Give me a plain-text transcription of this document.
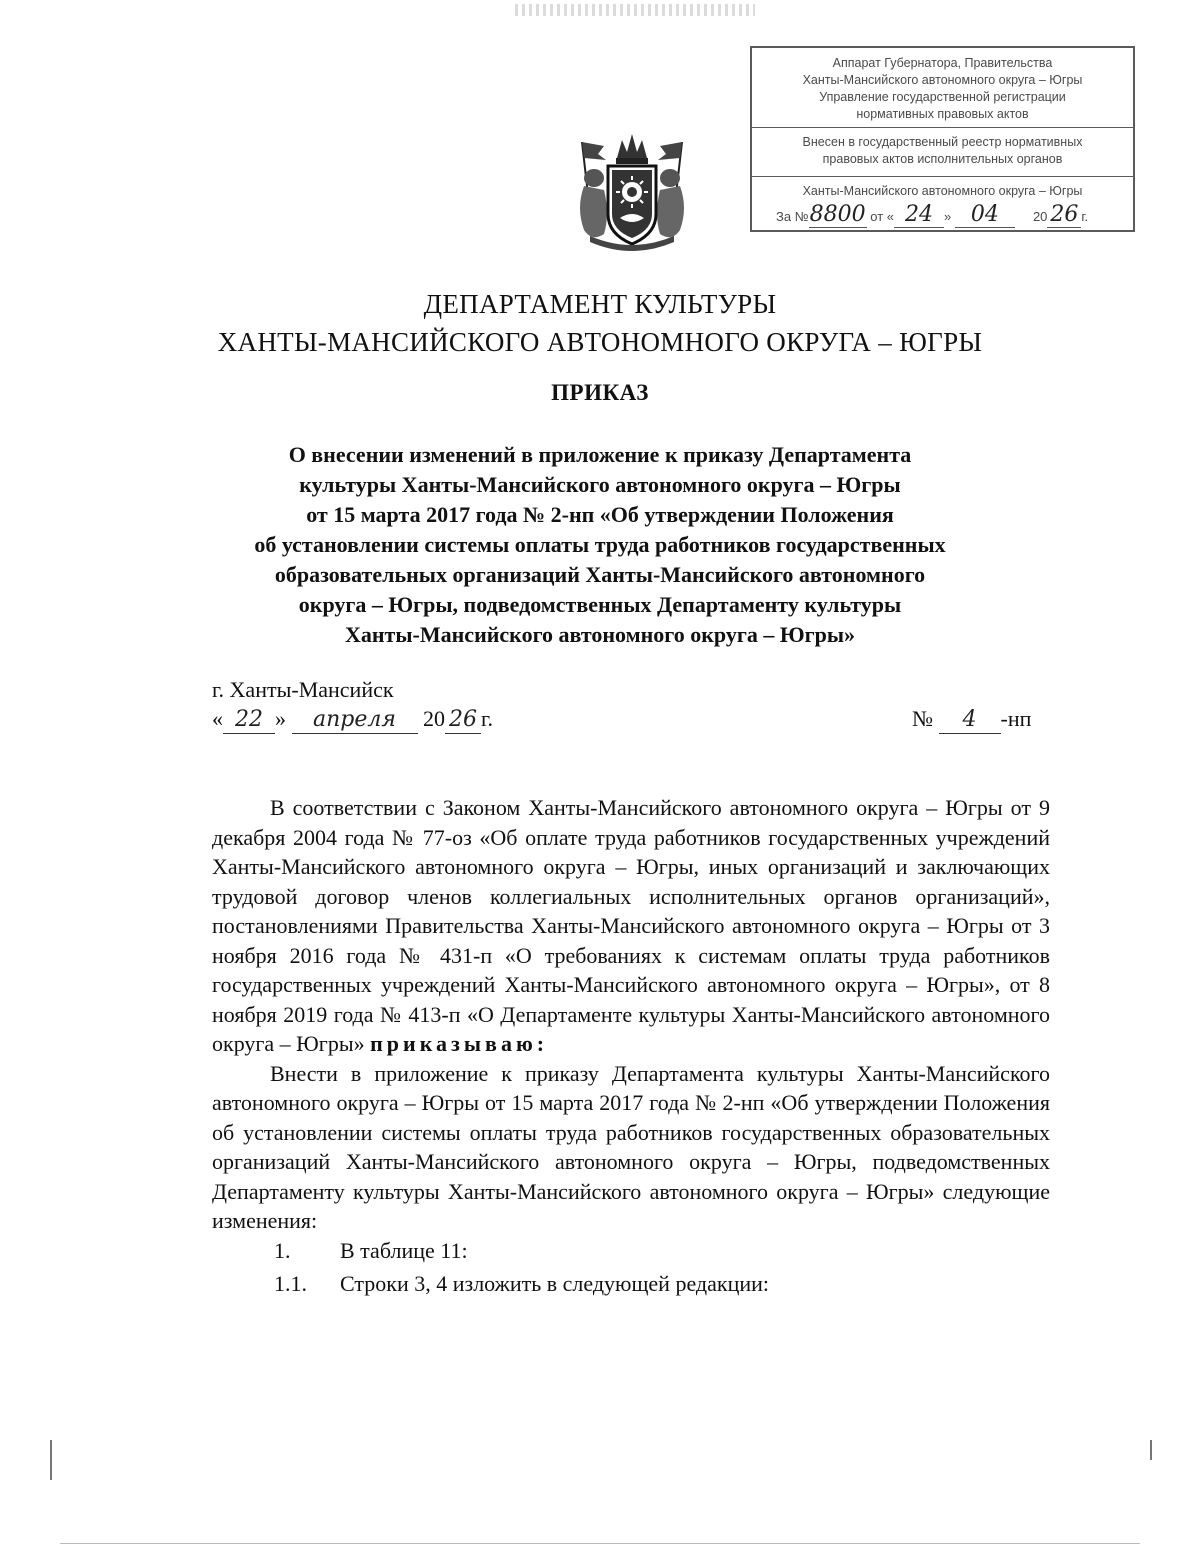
Аппарат Губернатора, Правительства
Ханты-Мансийского автономного округа – Югры
Управление государственной регистрации
нормативных правовых актов
Внесен в государственный реестр нормативных
правовых актов исполнительных органов
Ханты-Мансийского автономного округа – Югры
За №8800 от « 24 » 04	20 26 г.
ДЕПАРТАМЕНТ КУЛЬТУРЫ
ХАНТЫ-МАНСИЙСКОГО АВТОНОМНОГО ОКРУГА – ЮГРЫ
ПРИКАЗ
О внесении изменений в приложение к приказу Департамента
культуры Ханты-Мансийского автономного округа – Югры
от 15 марта 2017 года № 2-нп «Об утверждении Положения
об установлении системы оплаты труда работников государственных
образовательных организаций Ханты-Мансийского автономного
округа – Югры, подведомственных Департаменту культуры
Ханты-Мансийского автономного округа – Югры»
г. Ханты-Мансийск
« 22 » апреля 20 26 г.	№ 4 -нп

В соответствии с Законом Ханты-Мансийского автономного округа – Югры от 9 декабря 2004 года № 77-оз «Об оплате труда работников государственных учреждений Ханты-Мансийского автономного округа – Югры, иных организаций и заключающих трудовой договор членов коллегиальных исполнительных органов организаций», постановлениями Правительства Ханты-Мансийского автономного округа – Югры от 3 ноября 2016 года № 431-п «О требованиях к системам оплаты труда работников государственных учреждений Ханты-Мансийского автономного округа – Югры», от 8 ноября 2019 года № 413-п «О Департаменте культуры Ханты-Мансийского автономного округа – Югры» приказываю:

Внести в приложение к приказу Департамента культуры Ханты-Мансийского автономного округа – Югры от 15 марта 2017 года № 2-нп «Об утверждении Положения об установлении системы оплаты труда работников государственных образовательных организаций Ханты-Мансийского автономного округа – Югры, подведомственных Департаменту культуры Ханты-Мансийского автономного округа – Югры» следующие изменения:

1. В таблице 11:

1.1. Строки 3, 4 изложить в следующей редакции:
